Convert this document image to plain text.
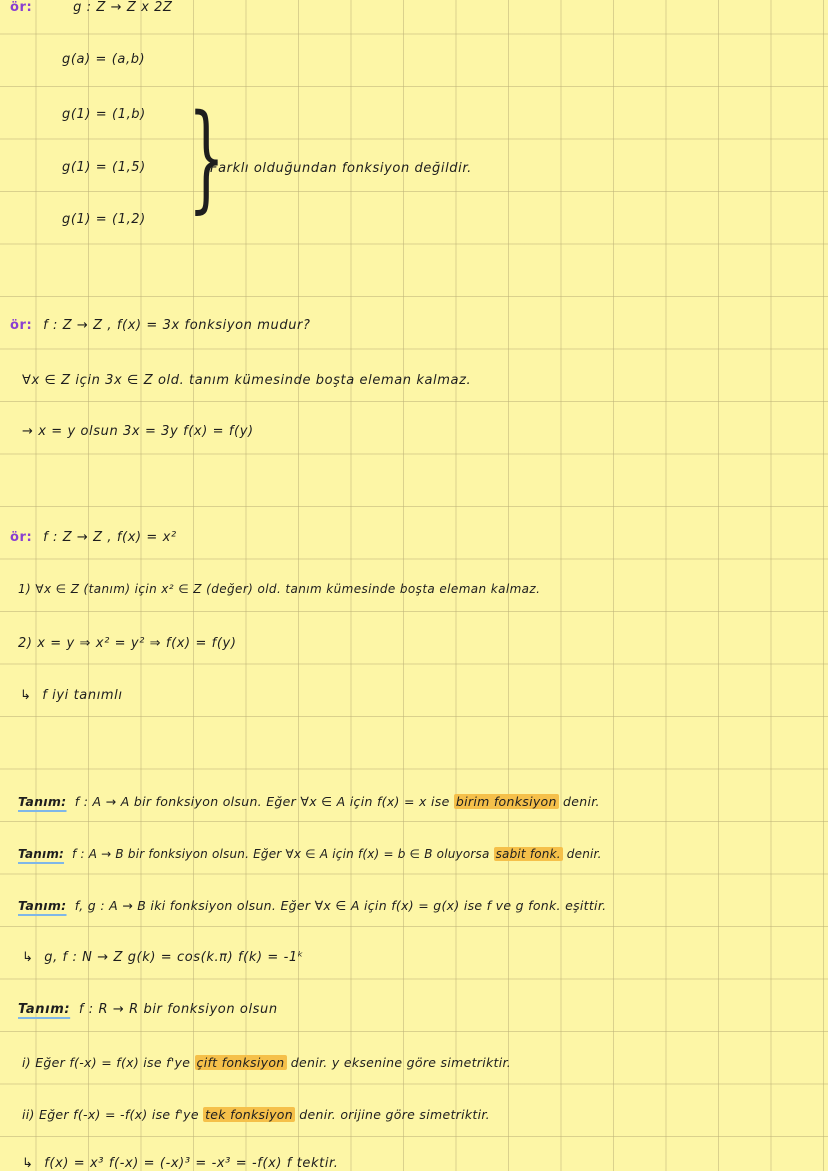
ör:	g : Z → Z x 2Z
g(a) = (a,b)
g(1) = (1,b)
g(1) = (1,5)
g(1) = (1,2) }
Farklı olduğundan fonksiyon değildir.
ör: f : Z → Z , f(x) = 3x fonksiyon mudur?
∀x ∈ Z için 3x ∈ Z old. tanım kümesinde boşta eleman kalmaz.
→ x = y olsun 3x = 3y f(x) = f(y)
ör: f : Z → Z , f(x) = x²
1) ∀x ∈ Z (tanım) için x² ∈ Z (değer) old. tanım kümesinde boşta eleman kalmaz.
2) x = y ⇒ x² = y² ⇒ f(x) = f(y)
↳ f iyi tanımlı
Tanım: f : A → A bir fonksiyon olsun. Eğer ∀x ∈ A için f(x) = x ise birim fonksiyon denir.
Tanım: f : A → B bir fonksiyon olsun. Eğer ∀x ∈ A için f(x) = b ∈ B oluyorsa sabit fonk. denir.
Tanım: f, g : A → B iki fonksiyon olsun. Eğer ∀x ∈ A için f(x) = g(x) ise f ve g fonk. eşittir.
↳ g, f : N → Z g(k) = cos(k.π) f(k) = -1ᵏ
Tanım: f : R → R bir fonksiyon olsun
i) Eğer f(-x) = f(x) ise f'ye çift fonksiyon denir. y eksenine göre simetriktir.
ii) Eğer f(-x) = -f(x) ise f'ye tek fonksiyon denir. orijine göre simetriktir.
↳ f(x) = x³ f(-x) = (-x)³ = -x³ = -f(x) f tektir.
